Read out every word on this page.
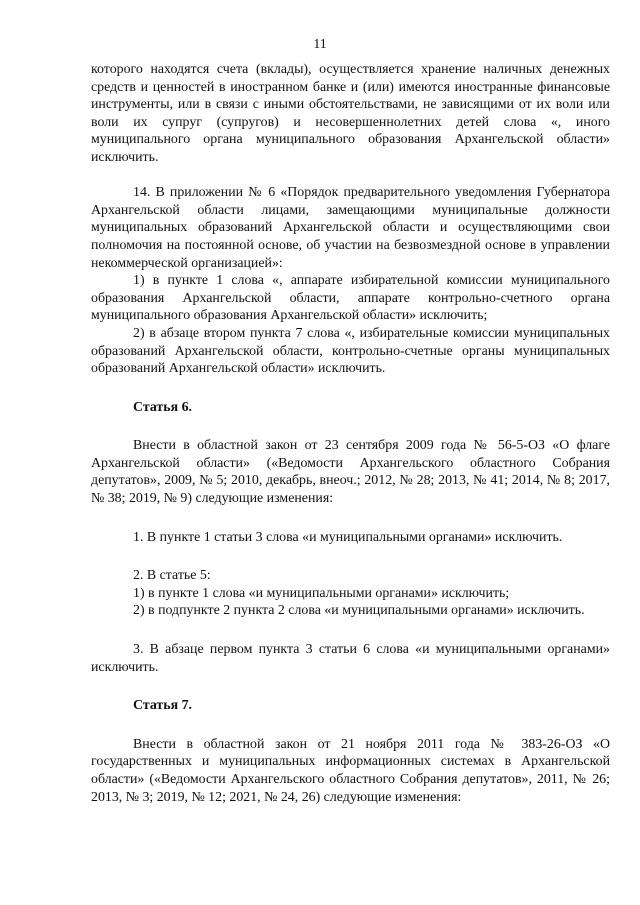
11

которого находятся счета (вклады), осуществляется хранение наличных денежных средств и ценностей в иностранном банке и (или) имеются иностранные финансовые инструменты, или в связи с иными обстоятельствами, не зависящими от их воли или воли их супруг (супругов) и несовершеннолетних детей слова «, иного муниципального органа муниципального образования Архангельской области» исключить.

14. В приложении № 6 «Порядок предварительного уведомления Губернатора Архангельской области лицами, замещающими муниципальные должности муниципальных образований Архангельской области и осуществляющими свои полномочия на постоянной основе, об участии на безвозмездной основе в управлении некоммерческой организацией»:

1) в пункте 1 слова «, аппарате избирательной комиссии муниципального образования Архангельской области, аппарате контрольно-счетного органа муниципального образования Архангельской области» исключить;

2) в абзаце втором пункта 7 слова «, избирательные комиссии муниципальных образований Архангельской области, контрольно-счетные органы муниципальных образований Архангельской области» исключить.

Статья 6.

Внести в областной закон от 23 сентября 2009 года № 56-5-ОЗ «О флаге Архангельской области» («Ведомости Архангельского областного Собрания депутатов», 2009, № 5; 2010, декабрь, внеоч.; 2012, № 28; 2013, № 41; 2014, № 8; 2017, № 38; 2019, № 9) следующие изменения:

1. В пункте 1 статьи 3 слова «и муниципальными органами» исключить.

2. В статье 5:

1) в пункте 1 слова «и муниципальными органами» исключить;

2) в подпункте 2 пункта 2 слова «и муниципальными органами» исключить.

3. В абзаце первом пункта 3 статьи 6 слова «и муниципальными органами» исключить.

Статья 7.

Внести в областной закон от 21 ноября 2011 года № 383-26-ОЗ «О государственных и муниципальных информационных системах в Архангельской области» («Ведомости Архангельского областного Собрания депутатов», 2011, № 26; 2013, № 3; 2019, № 12; 2021, № 24, 26) следующие изменения:
